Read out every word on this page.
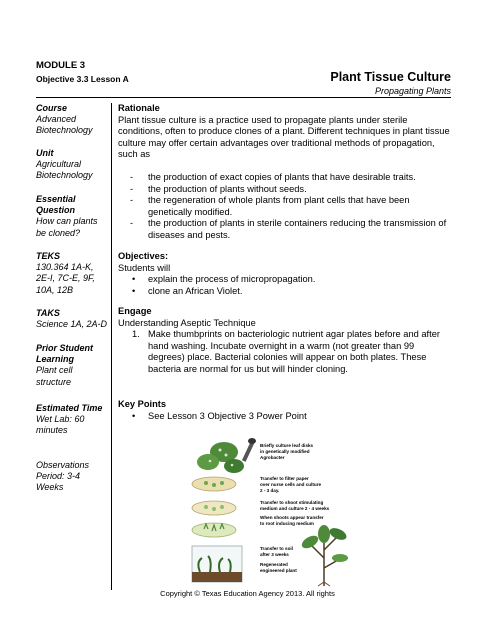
MODULE 3
Objective 3.3 Lesson A	Plant Tissue Culture
Propagating Plants
Course
Advanced Biotechnology
Unit
Agricultural Biotechnology
Essential Question
How can plants be cloned?
TEKS
130.364 1A-K, 2E-I, 7C-E, 9F, 10A, 12B
TAKS
Science 1A, 2A-D
Prior Student Learning
Plant cell structure
Estimated Time
Wet Lab: 60 minutes
Observations Period: 3-4 Weeks
Rationale
Plant tissue culture is a practice used to propagate plants under sterile conditions, often to produce clones of a plant. Different techniques in plant tissue culture may offer certain advantages over traditional methods of propagation, such as
- the production of exact copies of plants that have desirable traits.
- the production of plants without seeds.
- the regeneration of whole plants from plant cells that have been genetically modified.
- the production of plants in sterile containers reducing the transmission of diseases and pests.
Objectives:
Students will
• explain the process of micropropagation.
• clone an African Violet.
Engage
Understanding Aseptic Technique
1. Make thumbprints on bacteriologic nutrient agar plates before and after hand washing. Incubate overnight in a warm (not greater than 99 degrees) place. Bacterial colonies will appear on both plates. These bacteria are normal for us but will hinder cloning.
Key Points
• See Lesson 3 Objective 3 Power Point
Briefly culture leaf disks
in genetically modified
Agrobacter
Transfer to filter paper
over nurse cells and culture
2 - 3 day.
Transfer to shoot stimulating
medium and culture 2 - 4 weeks
When shoots appear transfer
to root inducing medium
Transfer to soil
after 3 weeks
Regenerated
engineered plant
Copyright © Texas Education Agency 2013. All rights
